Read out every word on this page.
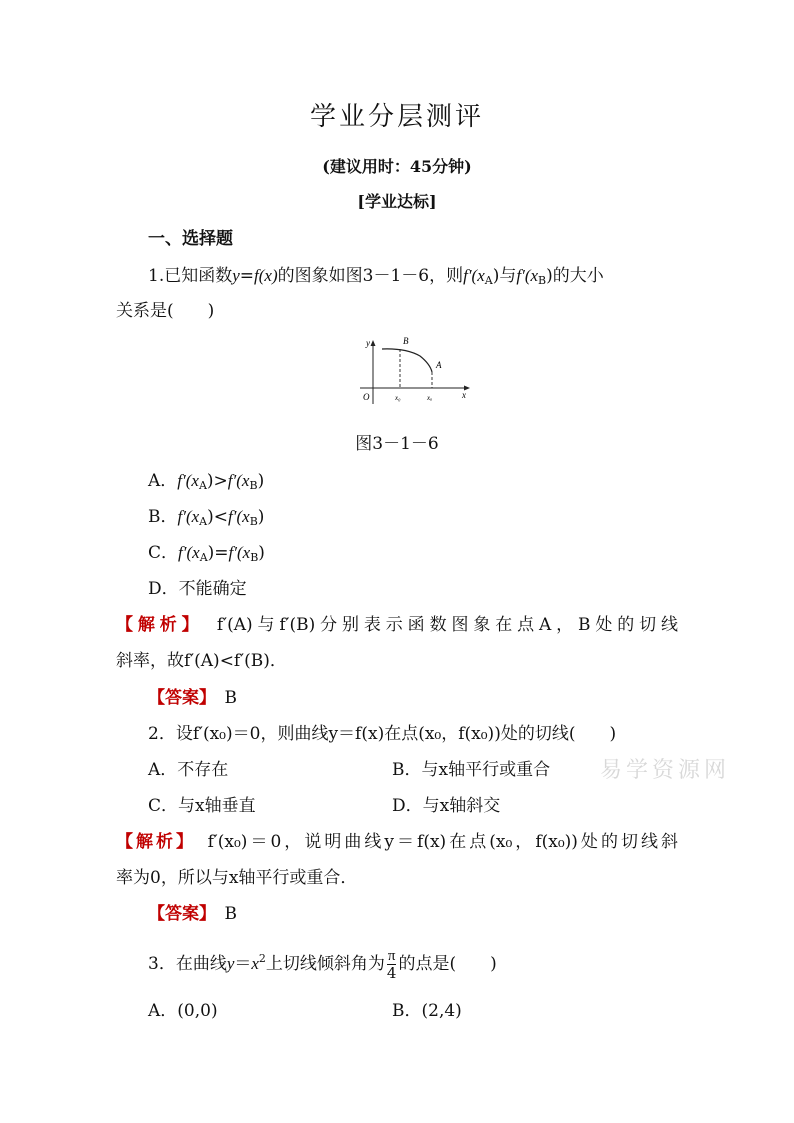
学业分层测评
(建议用时：45分钟)
[学业达标]
一、选择题
1.已知函数y=f(x)的图象如图3－1－6，则$f'(x_A)$与$f'(x_B)$的大小
关系是(　　)
y
O	x
B
A
x₀	xₐ
图3－1－6
A．$f'(x_A)>f'(x_B)$
B．$f'(x_A)<f'(x_B)$
C．$f'(x_A)=f'(x_B)$
D．不能确定
【解析】　 f′(A)与f′(B)分别表示函数图象在点A，B处的切线
斜率，故f′(A)<f′(B)．
【答案】　 B
2．设f′(x₀)＝0，则曲线y＝f(x)在点(x₀，f(x₀))处的切线(　　)
A．不存在	B．与x轴平行或重合 易学资源网
C．与x轴垂直	D．与x轴斜交
【解析】　 f′(x₀)＝0，说明曲线y＝f(x)在点(x₀，f(x₀))处的切线斜
率为0，所以与x轴平行或重合．
【答案】　 B
3．在曲线$y=x^2$上切线倾斜角为 $\frac{\pi}{4}$ 的点是(　　)
A．(0,0)	B．(2,4)
